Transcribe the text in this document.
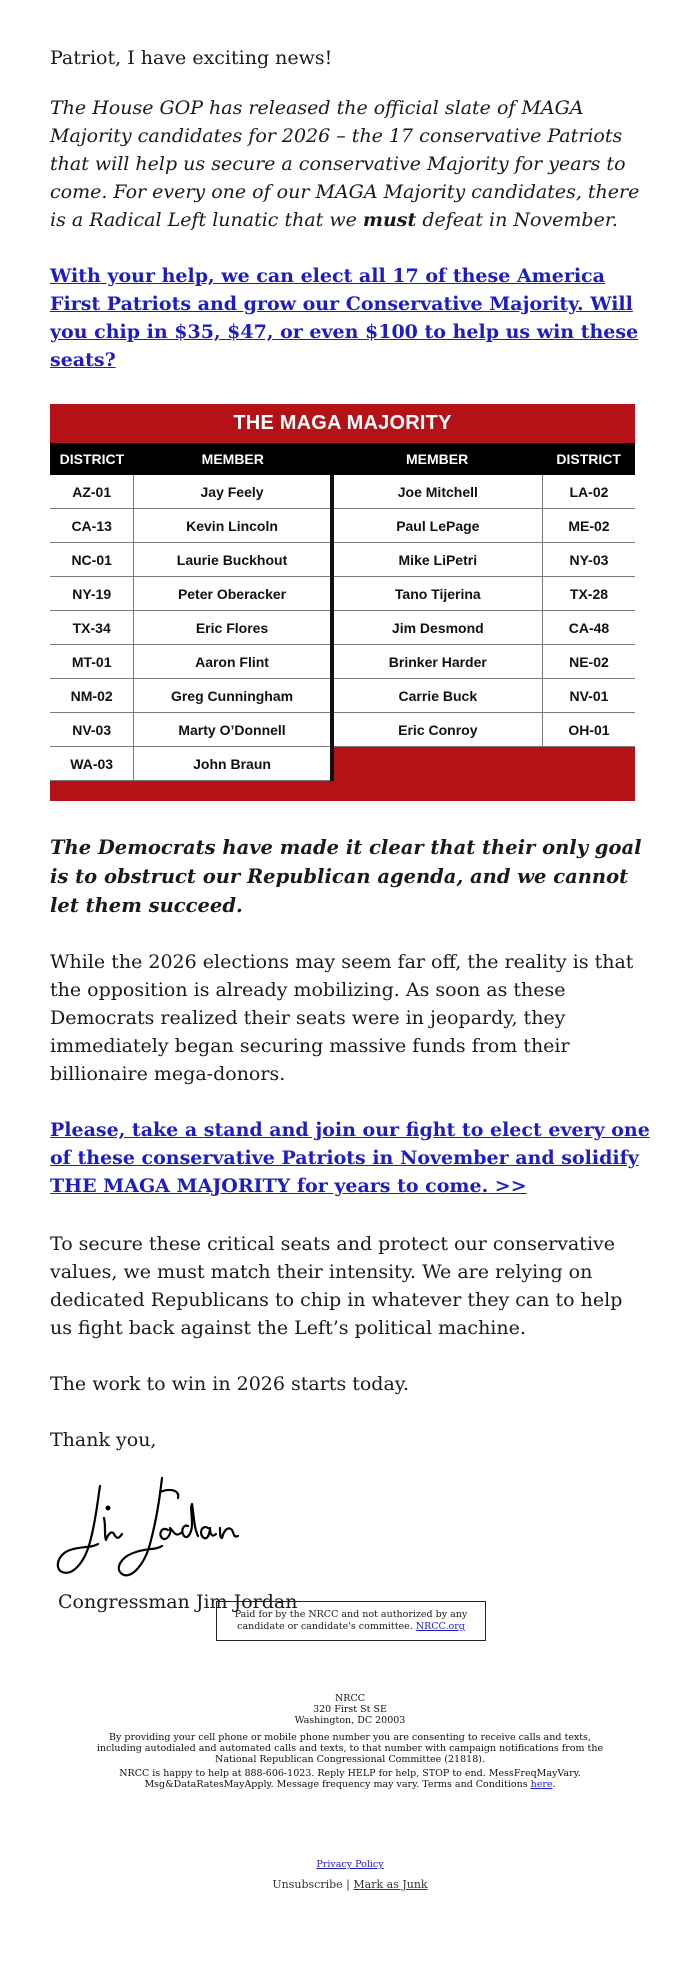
Patriot, I have exciting news!

The House GOP has released the official slate of MAGA Majority candidates for 2026 – the 17 conservative Patriots that will help us secure a conservative Majority for years to come. For every one of our MAGA Majority candidates, there is a Radical Left lunatic that we must defeat in November.

With your help, we can elect all 17 of these America First Patriots and grow our Conservative Majority. Will you chip in $35, $47, or even $100 to help us win these seats?
THE MAGA MAJORITY			
DISTRICT	MEMBER	MEMBER	DISTRICT
AZ-01	Jay Feely	Joe Mitchell	LA-02
CA-13	Kevin Lincoln	Paul LePage	ME-02
NC-01	Laurie Buckhout	Mike LiPetri	NY-03
NY-19	Peter Oberacker	Tano Tijerina	TX-28
TX-34	Eric Flores	Jim Desmond	CA-48
MT-01	Aaron Flint	Brinker Harder	NE-02
NM-02	Greg Cunningham	Carrie Buck	NV-01
NV-03	Marty O’Donnell	Eric Conroy	OH-01
WA-03	John Braun		

The Democrats have made it clear that their only goal is to obstruct our Republican agenda, and we cannot let them succeed.

While the 2026 elections may seem far off, the reality is that the opposition is already mobilizing. As soon as these Democrats realized their seats were in jeopardy, they immediately began securing massive funds from their billionaire mega-donors.

Please, take a stand and join our fight to elect every one of these conservative Patriots in November and solidify THE MAGA MAJORITY for years to come. >>

To secure these critical seats and protect our conservative values, we must match their intensity. We are relying on dedicated Republicans to chip in whatever they can to help us fight back against the Left’s political machine.

The work to win in 2026 starts today.

Thank you,

Congressman Jim Jordan

Paid for by the NRCC and not authorized by any candidate or candidate's committee. NRCC.org
NRCC
320 First St SE
Washington, DC 20003
By providing your cell phone or mobile phone number you are consenting to receive calls and texts, including autodialed and automated calls and texts, to that number with campaign notifications from the National Republican Congressional Committee (21818).
NRCC is happy to help at 888-606-1023. Reply HELP for help, STOP to end. MessFreqMayVary. Msg&DataRatesMayApply. Message frequency may vary. Terms and Conditions here.
Privacy Policy
Unsubscribe | Mark as Junk
